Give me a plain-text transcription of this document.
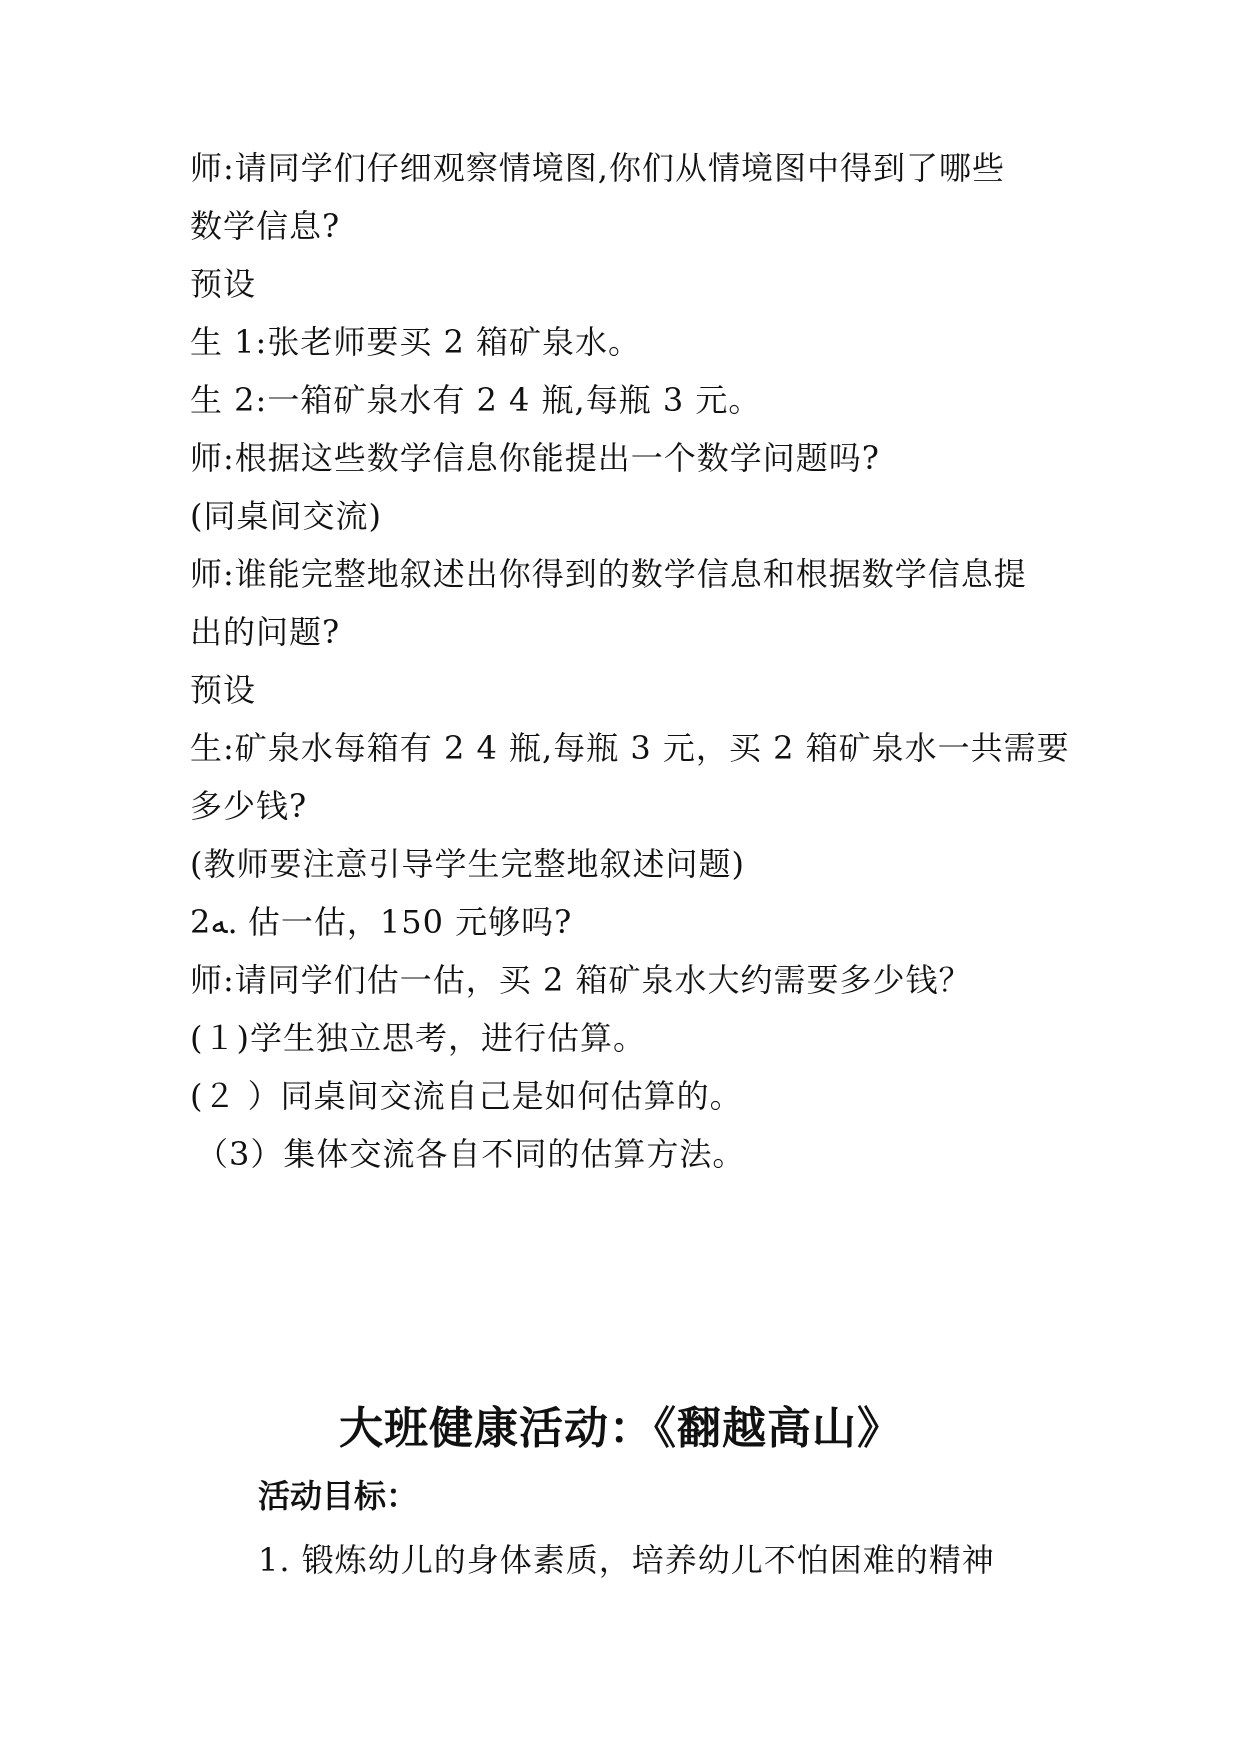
师:请同学们仔细观察情境图,你们从情境图中得到了哪些
数学信息?
预设
生 1:张老师要买 2 箱矿泉水。
生 2:一箱矿泉水有 2 4 瓶,每瓶 3 元。
师:根据这些数学信息你能提出一个数学问题吗?
(同桌间交流)
师:谁能完整地叙述出你得到的数学信息和根据数学信息提
出的问题?
预设
生:矿泉水每箱有 2 4 瓶,每瓶 3 元，买 2 箱矿泉水一共需要
多少钱?
(教师要注意引导学生完整地叙述问题)
2ﻪ. 估一估，150 元够吗?
师:请同学们估一估，买 2 箱矿泉水大约需要多少钱？
(１)学生独立思考，进行估算。
(２ ）同桌间交流自己是如何估算的。
（3）集体交流各自不同的估算方法。
大班健康活动：《翻越高山》
活动目标：
1. 锻炼幼儿的身体素质，培养幼儿不怕困难的精神
